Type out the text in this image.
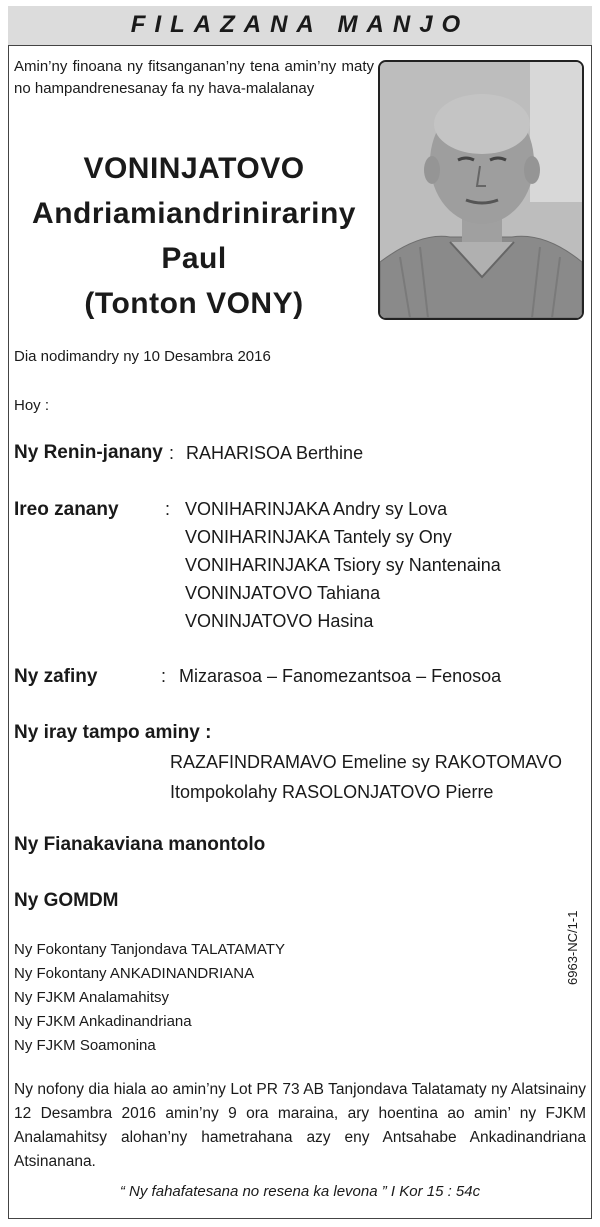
FILAZANA MANJO
Amin’ny finoana ny fitsanganan’ny tena amin’ny maty no hampandrenesanay fa ny hava-malalanay
VONINJATOVO
Andriamiandrinirariny
Paul
(Tonton VONY)
Dia nodimandry ny 10 Desambra 2016
Hoy :
Ny Renin-janany : RAHARISOA Berthine
Ireo zanany	: VONIHARINJAKA Andry sy Lova
VONIHARINJAKA Tantely sy Ony
VONIHARINJAKA Tsiory sy Nantenaina
VONINJATOVO Tahiana
VONINJATOVO Hasina
Ny zafiny	: Mizarasoa – Fanomezantsoa – Fenosoa
Ny iray tampo aminy :
RAZAFINDRAMAVO Emeline sy RAKOTOMAVO
Itompokolahy RASOLONJATOVO Pierre
Ny Fianakaviana manontolo
Ny GOMDM
Ny Fokontany Tanjondava TALATAMATY
Ny Fokontany ANKADINANDRIANA
Ny FJKM Analamahitsy
Ny FJKM Ankadinandriana
Ny FJKM Soamonina
6963-NC/1-1
Ny nofony dia hiala ao amin’ny Lot PR 73 AB Tanjondava Talatamaty ny Alatsinainy 12 Desambra 2016 amin’ny 9 ora maraina, ary hoentina ao amin’ ny FJKM Analamahitsy alohan’ny hametrahana azy eny Antsahabe Ankadinandriana Atsinanana.
“ Ny fahafatesana no resena ka levona ” I Kor 15 : 54c
